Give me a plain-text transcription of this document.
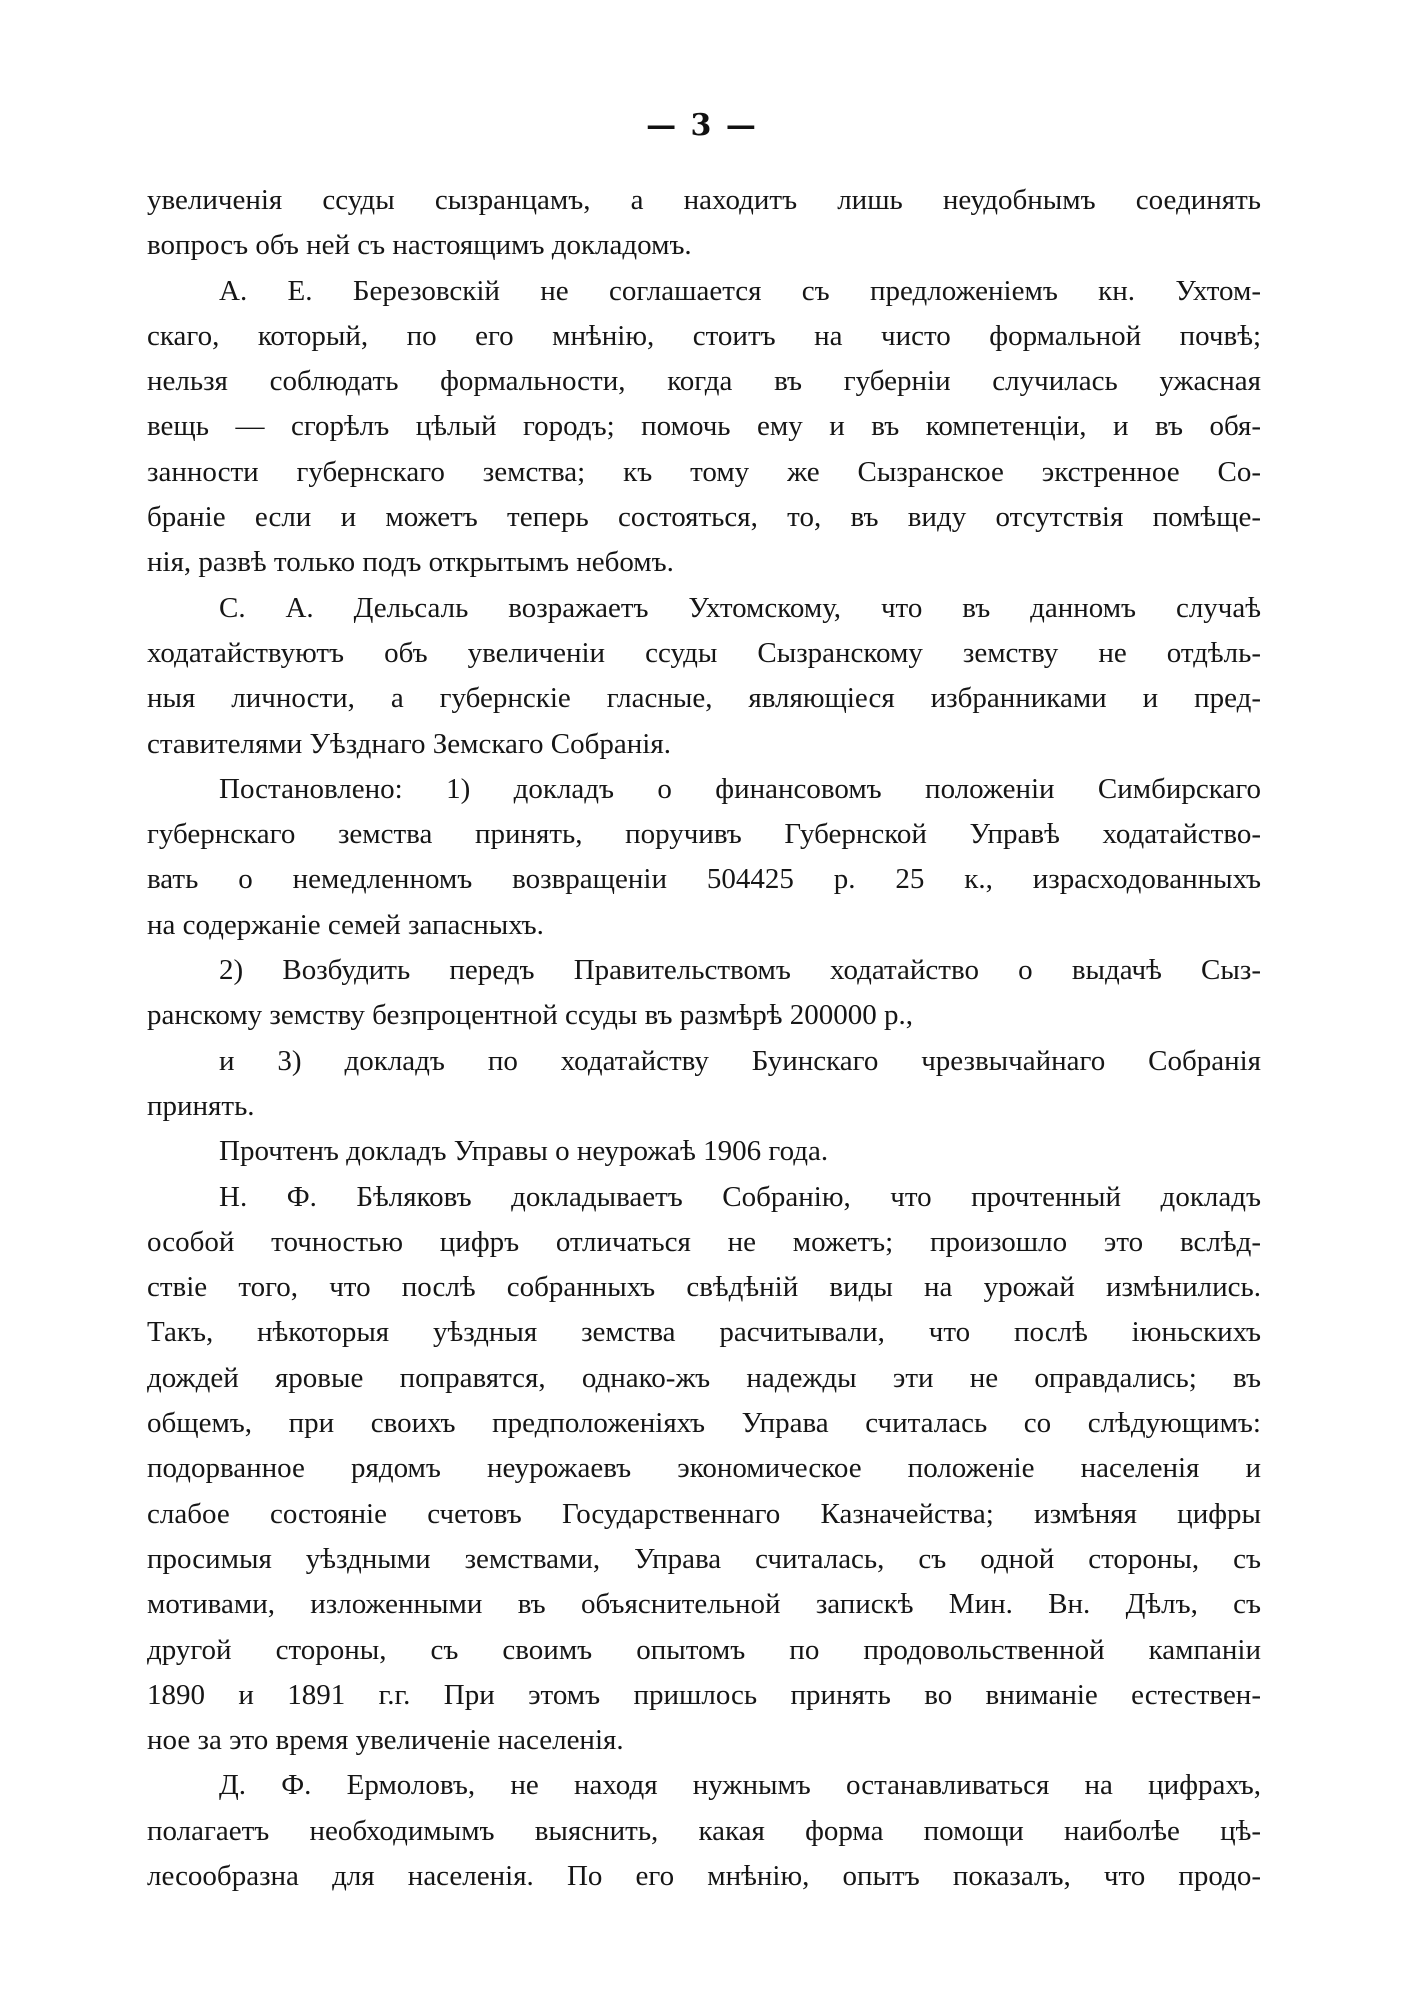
— 3 —
увеличенія ссуды сызранцамъ, а находитъ лишь неудобнымъ соединять
вопросъ объ ней съ настоящимъ докладомъ.
А. Е. Березовскій не соглашается съ предложеніемъ кн. Ухтом-
скаго, который, по его мнѣнію, стоитъ на чисто формальной почвѣ;
нельзя соблюдать формальности, когда въ губерніи случилась ужасная
вещь — сгорѣлъ цѣлый городъ; помочь ему и въ компетенціи, и въ обя-
занности губернскаго земства; къ тому же Сызранское экстренное Со-
браніе если и можетъ теперь состояться, то, въ виду отсутствія помѣще-
нія, развѣ только подъ открытымъ небомъ.
С. А. Дельсаль возражаетъ Ухтомскому, что въ данномъ случаѣ
ходатайствуютъ объ увеличеніи ссуды Сызранскому земству не отдѣль-
ныя личности, а губернскіе гласные, являющіеся избранниками и пред-
ставителями Уѣзднаго Земскаго Собранія.
Постановлено: 1) докладъ о финансовомъ положеніи Симбирскаго
губернскаго земства принять, поручивъ Губернской Управѣ ходатайство-
вать о немедленномъ возвращеніи 504425 р. 25 к., израсходованныхъ
на содержаніе семей запасныхъ.
2) Возбудить передъ Правительствомъ ходатайство о выдачѣ Сыз-
ранскому земству безпроцентной ссуды въ размѣрѣ 200000 р.,
и 3) докладъ по ходатайству Буинскаго чрезвычайнаго Собранія
принять.
Прочтенъ докладъ Управы о неурожаѣ 1906 года.
Н. Ф. Бѣляковъ докладываетъ Собранію, что прочтенный докладъ
особой точностью цифръ отличаться не можетъ; произошло это вслѣд-
ствіе того, что послѣ собранныхъ свѣдѣній виды на урожай измѣнились.
Такъ, нѣкоторыя уѣздныя земства расчитывали, что послѣ іюньскихъ
дождей яровые поправятся, однако-жъ надежды эти не оправдались; въ
общемъ, при своихъ предположеніяхъ Управа считалась со слѣдующимъ:
подорванное рядомъ неурожаевъ экономическое положеніе населенія и
слабое состояніе счетовъ Государственнаго Казначейства; измѣняя цифры
просимыя уѣздными земствами, Управа считалась, съ одной стороны, съ
мотивами, изложенными въ объяснительной запискѣ Мин. Вн. Дѣлъ, съ
другой стороны, съ своимъ опытомъ по продовольственной кампаніи
1890 и 1891 г.г. При этомъ пришлось принять во вниманіе естествен-
ное за это время увеличеніе населенія.
Д. Ф. Ермоловъ, не находя нужнымъ останавливаться на цифрахъ,
полагаетъ необходимымъ выяснить, какая форма помощи наиболѣе цѣ-
лесообразна для населенія. По его мнѣнію, опытъ показалъ, что продо-
